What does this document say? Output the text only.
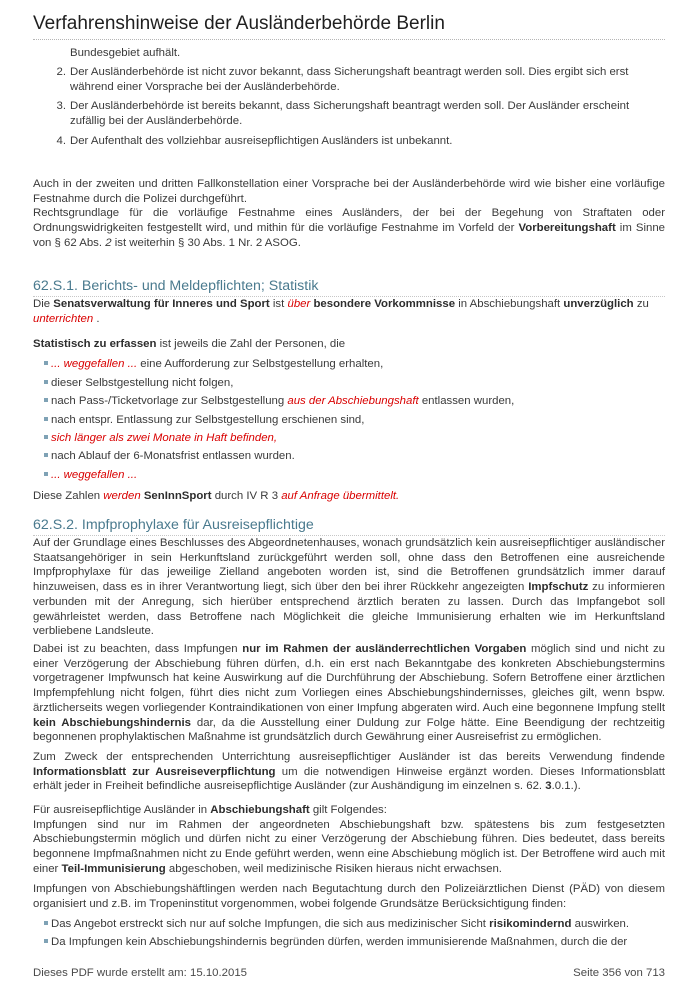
Verfahrenshinweise der Ausländerbehörde Berlin
Bundesgebiet aufhält.
2. Der Ausländerbehörde ist nicht zuvor bekannt, dass Sicherungshaft beantragt werden soll. Dies ergibt sich erst
während einer Vorsprache bei der Ausländerbehörde.
3. Der Ausländerbehörde ist bereits bekannt, dass Sicherungshaft beantragt werden soll. Der Ausländer erscheint
zufällig bei der Ausländerbehörde.
4. Der Aufenthalt des vollziehbar ausreisepflichtigen Ausländers ist unbekannt.
Auch in der zweiten und dritten Fallkonstellation einer Vorsprache bei der Ausländerbehörde wird wie bisher eine vorläufige Festnahme durch die Polizei durchgeführt.
Rechtsgrundlage für die vorläufige Festnahme eines Ausländers, der bei der Begehung von Straftaten oder Ordnungswidrigkeiten festgestellt wird, und mithin für die vorläufige Festnahme im Vorfeld der Vorbereitungshaft im Sinne von § 62 Abs. 2 ist weiterhin § 30 Abs. 1 Nr. 2 ASOG.
62.S.1. Berichts- und Meldepflichten; Statistik
Die Senatsverwaltung für Inneres und Sport ist über besondere Vorkommnisse in Abschiebungshaft unverzüglich zu
unterrichten .
Statistisch zu erfassen ist jeweils die Zahl der Personen, die
... weggefallen ... eine Aufforderung zur Selbstgestellung erhalten,
dieser Selbstgestellung nicht folgen,
nach Pass-/Ticketvorlage zur Selbstgestellung aus der Abschiebungshaft entlassen wurden,
nach entspr. Entlassung zur Selbstgestellung erschienen sind,
sich länger als zwei Monate in Haft befinden,
nach Ablauf der 6-Monatsfrist entlassen wurden.
... weggefallen ...
Diese Zahlen werden SenInnSport durch IV R 3 auf Anfrage übermittelt.
62.S.2. Impfprophylaxe für Ausreisepflichtige
Auf der Grundlage eines Beschlusses des Abgeordnetenhauses, wonach grundsätzlich kein ausreisepflichtiger ausländischer Staatsangehöriger in sein Herkunftsland zurückgeführt werden soll, ohne dass den Betroffenen eine ausreichende Impfprophylaxe für das jeweilige Zielland angeboten worden ist, sind die Betroffenen grundsätzlich immer darauf hinzuweisen, dass es in ihrer Verantwortung liegt, sich über den bei ihrer Rückkehr angezeigten Impfschutz zu informieren verbunden mit der Anregung, sich hierüber entsprechend ärztlich beraten zu lassen. Durch das Impfangebot soll gewährleistet werden, dass Betroffene nach Möglichkeit die gleiche Immunisierung erhalten wie im Herkunftsland verbliebene Landsleute.
Dabei ist zu beachten, dass Impfungen nur im Rahmen der ausländerrechtlichen Vorgaben möglich sind und nicht zu einer Verzögerung der Abschiebung führen dürfen, d.h. ein erst nach Bekanntgabe des konkreten Abschiebungstermins vorgetragener Impfwunsch hat keine Auswirkung auf die Durchführung der Abschiebung. Sofern Betroffene einer ärztlichen Impfempfehlung nicht folgen, führt dies nicht zum Vorliegen eines Abschiebungshindernisses, gleiches gilt, wenn bspw. ärztlicherseits wegen vorliegender Kontraindikationen von einer Impfung abgeraten wird. Auch eine begonnene Impfung stellt kein Abschiebungshindernis dar, da die Ausstellung einer Duldung zur Folge hätte. Eine Beendigung der rechtzeitig begonnenen prophylaktischen Maßnahme ist grundsätzlich durch Gewährung einer Ausreisefrist zu ermöglichen.
Zum Zweck der entsprechenden Unterrichtung ausreisepflichtiger Ausländer ist das bereits Verwendung findende Informationsblatt zur Ausreiseverpflichtung um die notwendigen Hinweise ergänzt worden. Dieses Informationsblatt erhält jeder in Freiheit befindliche ausreisepflichtige Ausländer (zur Aushändigung im einzelnen s. 62. 3.0.1.).
Für ausreisepflichtige Ausländer in Abschiebungshaft gilt Folgendes:
Impfungen sind nur im Rahmen der angeordneten Abschiebungshaft bzw. spätestens bis zum festgesetzten Abschiebungstermin möglich und dürfen nicht zu einer Verzögerung der Abschiebung führen. Dies bedeutet, dass bereits begonnene Impfmaßnahmen nicht zu Ende geführt werden, wenn eine Abschiebung möglich ist. Der Betroffene wird auch mit einer Teil-Immunisierung abgeschoben, weil medizinische Risiken hieraus nicht erwachsen.
Impfungen von Abschiebungshäftlingen werden nach Begutachtung durch den Polizeiärztlichen Dienst (PÄD) von diesem organisiert und z.B. im Tropeninstitut vorgenommen, wobei folgende Grundsätze Berücksichtigung finden:
Das Angebot erstreckt sich nur auf solche Impfungen, die sich aus medizinischer Sicht risikomindernd auswirken.
Da Impfungen kein Abschiebungshindernis begründen dürfen, werden immunisierende Maßnahmen, durch die der
Dieses PDF wurde erstellt am: 15.10.2015	Seite 356 von 713
